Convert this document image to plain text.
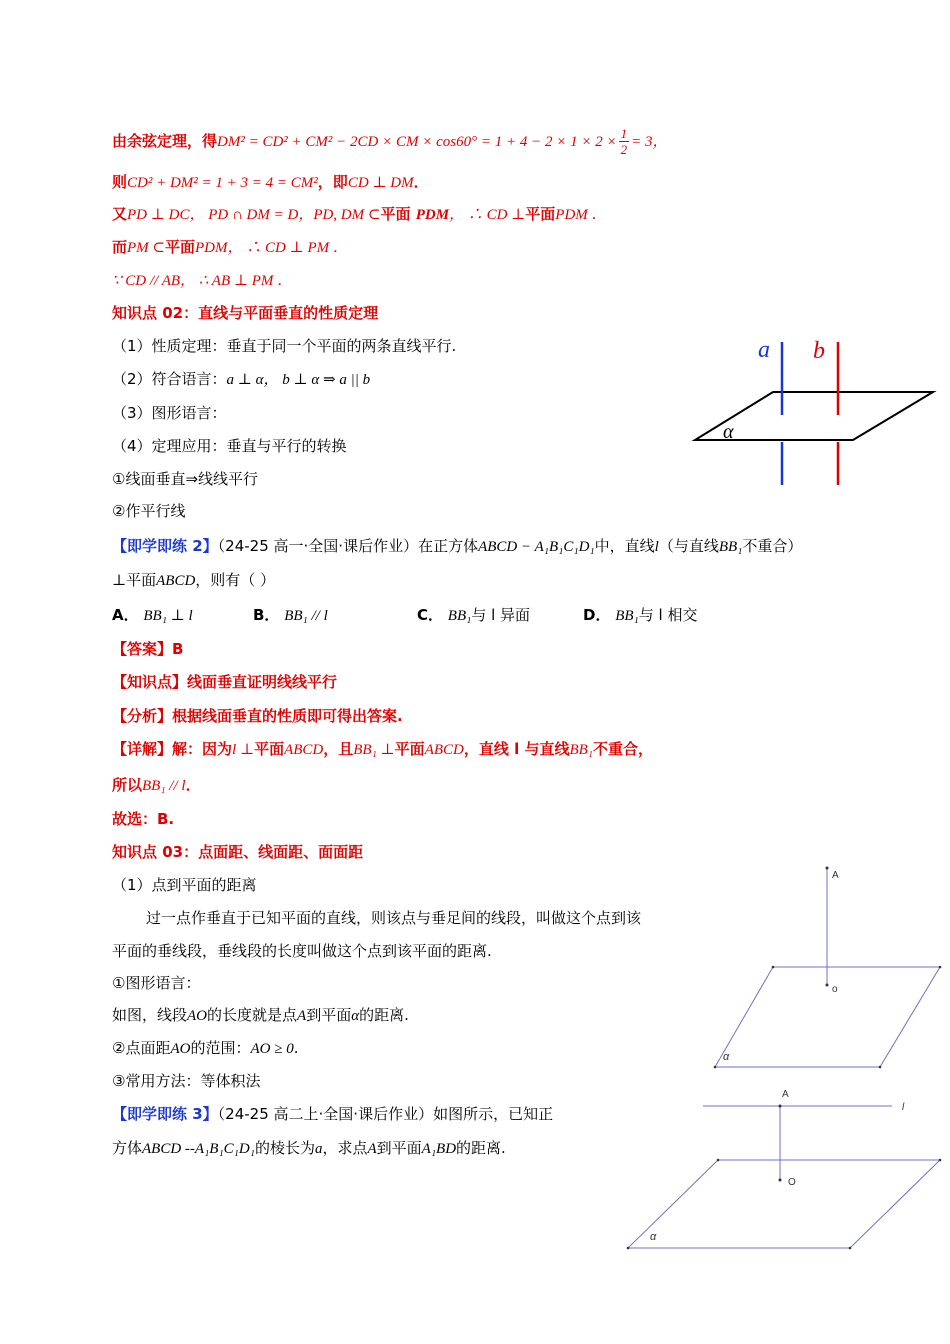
由余弦定理，得DM² = CD² + CM² − 2CD × CM × $\cos 60^\circ = 1 + 4 - 2 \times 1 \times 2 \times \frac{1}{2} = 3$，
则CD² + DM² = 1 + 3 = 4 = CM²，即CD ⊥ DM．
又PD ⊥ DC， PD ∩ DM = D，PD, DM ⊂平面 PDM， ∴ CD ⊥平面PDM ．
而PM ⊂平面PDM， ∴ CD ⊥ PM ．
∵ CD // AB， ∴ AB ⊥ PM ．
知识点 02：直线与平面垂直的性质定理
（1）性质定理：垂直于同一个平面的两条直线平行.
（2）符合语言：a ⊥ α， b ⊥ α ⇒ a || b
（3）图形语言：
（4）定理应用：垂直与平行的转换
①线面垂直⇒线线平行
②作平行线
a b
α
【即学即练 2】（24-25 高一·全国·课后作业）在正方体ABCD − A₁B₁C₁D₁中，直线l（与直线BB₁不重合）
⊥平面ABCD，则有（ ）
A． BB₁ ⊥ l	B． BB₁ // l	C． BB₁与 l 异面	D． BB₁与 l 相交
【答案】B
【知识点】线面垂直证明线线平行
【分析】根据线面垂直的性质即可得出答案.
【详解】解：因为l ⊥平面ABCD，且BB₁ ⊥平面ABCD，直线 l 与直线BB₁不重合，
所以BB₁ // l．
故选：B.
知识点 03：点面距、线面距、面面距
（1）点到平面的距离
过一点作垂直于已知平面的直线，则该点与垂足间的线段，叫做这个点到该
平面的垂线段，垂线段的长度叫做这个点到该平面的距离.
①图形语言：
如图，线段AO的长度就是点A到平面α的距离.
②点面距AO的范围：AO ≥ 0.
③常用方法：等体积法
A
o
α
【即学即练 3】（24-25 高二上·全国·课后作业）如图所示，已知正
方体ABCD --A₁B₁C₁D₁的棱长为a，求点A到平面A₁BD的距离.
A
l
O
α
